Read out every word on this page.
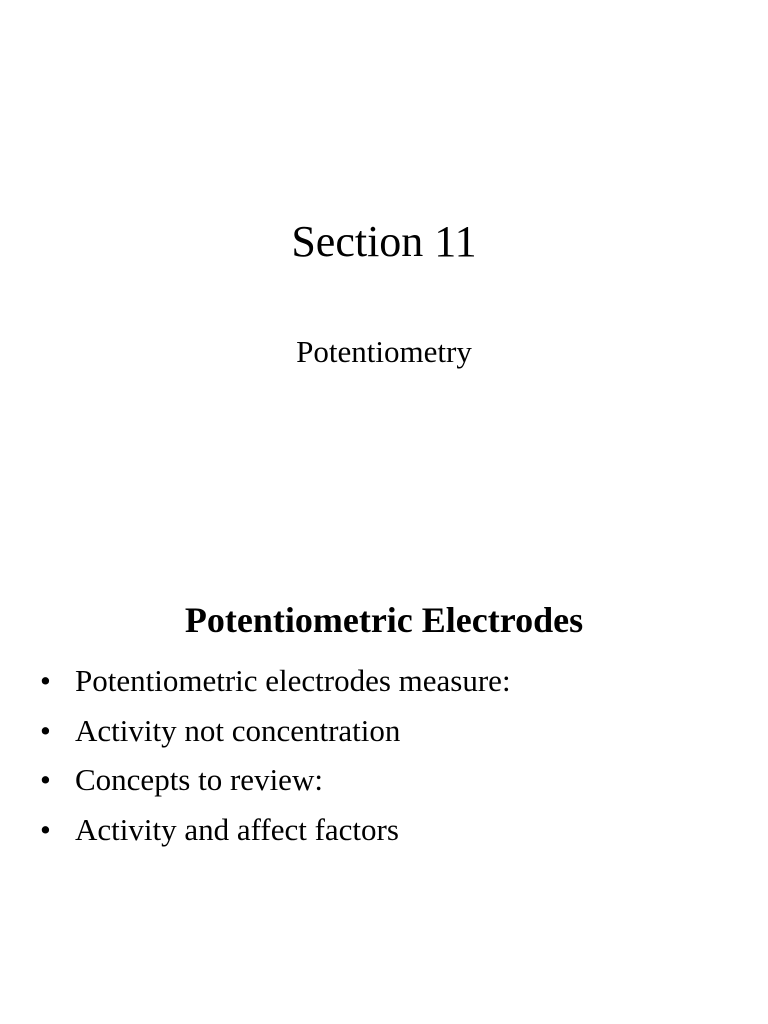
Section 11

Potentiometry

Potentiometric Electrodes
• Potentiometric electrodes measure:
• Activity not concentration
• Concepts to review:
• Activity and affect factors
